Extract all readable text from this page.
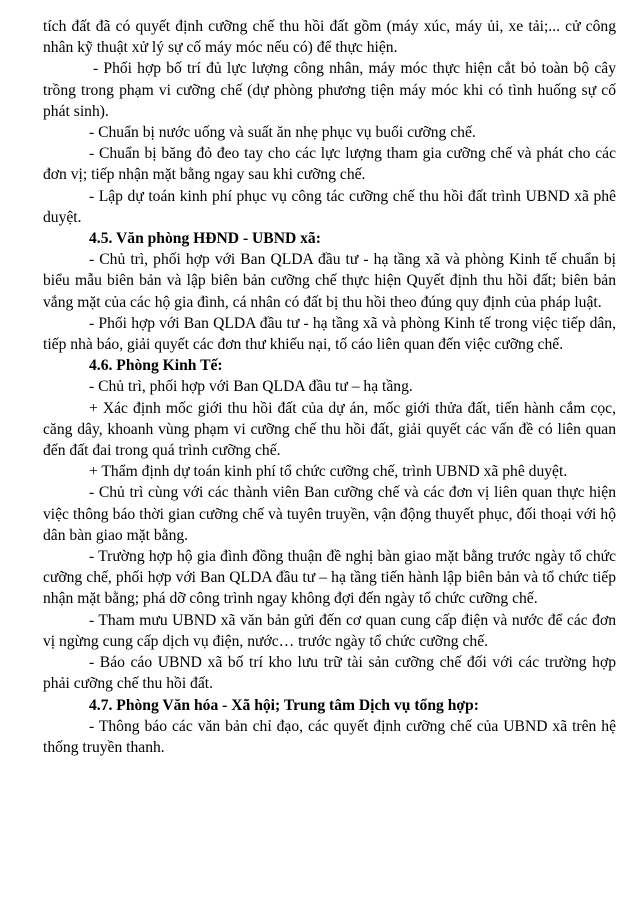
tích đất đã có quyết định cưỡng chế thu hồi đất gồm (máy xúc, máy ủi, xe tải;... cử công nhân kỹ thuật xử lý sự cố máy móc nếu có) để thực hiện.

- Phối hợp bố trí đủ lực lượng công nhân, máy móc thực hiện cắt bỏ toàn bộ cây trồng trong phạm vi cưỡng chế (dự phòng phương tiện máy móc khi có tình huống sự cố phát sinh).

- Chuẩn bị nước uống và suất ăn nhẹ phục vụ buổi cưỡng chế.

- Chuẩn bị băng đỏ đeo tay cho các lực lượng tham gia cưỡng chế và phát cho các đơn vị; tiếp nhận mặt bằng ngay sau khi cưỡng chế.

- Lập dự toán kinh phí phục vụ công tác cưỡng chế thu hồi đất trình UBND xã phê duyệt.

4.5. Văn phòng HĐND - UBND xã:

- Chủ trì, phối hợp với Ban QLDA đầu tư - hạ tầng xã và phòng Kinh tế chuẩn bị biểu mẫu biên bản và lập biên bản cưỡng chế thực hiện Quyết định thu hồi đất; biên bản vắng mặt của các hộ gia đình, cá nhân có đất bị thu hồi theo đúng quy định của pháp luật.

- Phối hợp với Ban QLDA đầu tư - hạ tầng xã và phòng Kinh tế trong việc tiếp dân, tiếp nhà báo, giải quyết các đơn thư khiếu nại, tố cáo liên quan đến việc cưỡng chế.

4.6. Phòng Kinh Tế:

- Chủ trì, phối hợp với Ban QLDA đầu tư – hạ tầng.

+ Xác định mốc giới thu hồi đất của dự án, mốc giới thửa đất, tiến hành cắm cọc, căng dây, khoanh vùng phạm vi cưỡng chế thu hồi đất, giải quyết các vấn đề có liên quan đến đất đai trong quá trình cưỡng chế.

+ Thẩm định dự toán kinh phí tổ chức cưỡng chế, trình UBND xã phê duyệt.

- Chủ trì cùng với các thành viên Ban cưỡng chế và các đơn vị liên quan thực hiện việc thông báo thời gian cưỡng chế và tuyên truyền, vận động thuyết phục, đối thoại với hộ dân bàn giao mặt bằng.

- Trường hợp hộ gia đình đồng thuận đề nghị bàn giao mặt bằng trước ngày tổ chức cưỡng chế, phối hợp với Ban QLDA đầu tư – hạ tầng tiến hành lập biên bản và tổ chức tiếp nhận mặt bằng; phá dỡ công trình ngay không đợi đến ngày tổ chức cưỡng chế.

- Tham mưu UBND xã văn bản gửi đến cơ quan cung cấp điện và nước để các đơn vị ngừng cung cấp dịch vụ điện, nước… trước ngày tổ chức cưỡng chế.

- Báo cáo UBND xã bố trí kho lưu trữ tài sản cưỡng chế đối với các trường hợp phải cưỡng chế thu hồi đất.

4.7. Phòng Văn hóa - Xã hội; Trung tâm Dịch vụ tổng hợp:

- Thông báo các văn bản chỉ đạo, các quyết định cưỡng chế của UBND xã trên hệ thống truyền thanh.
